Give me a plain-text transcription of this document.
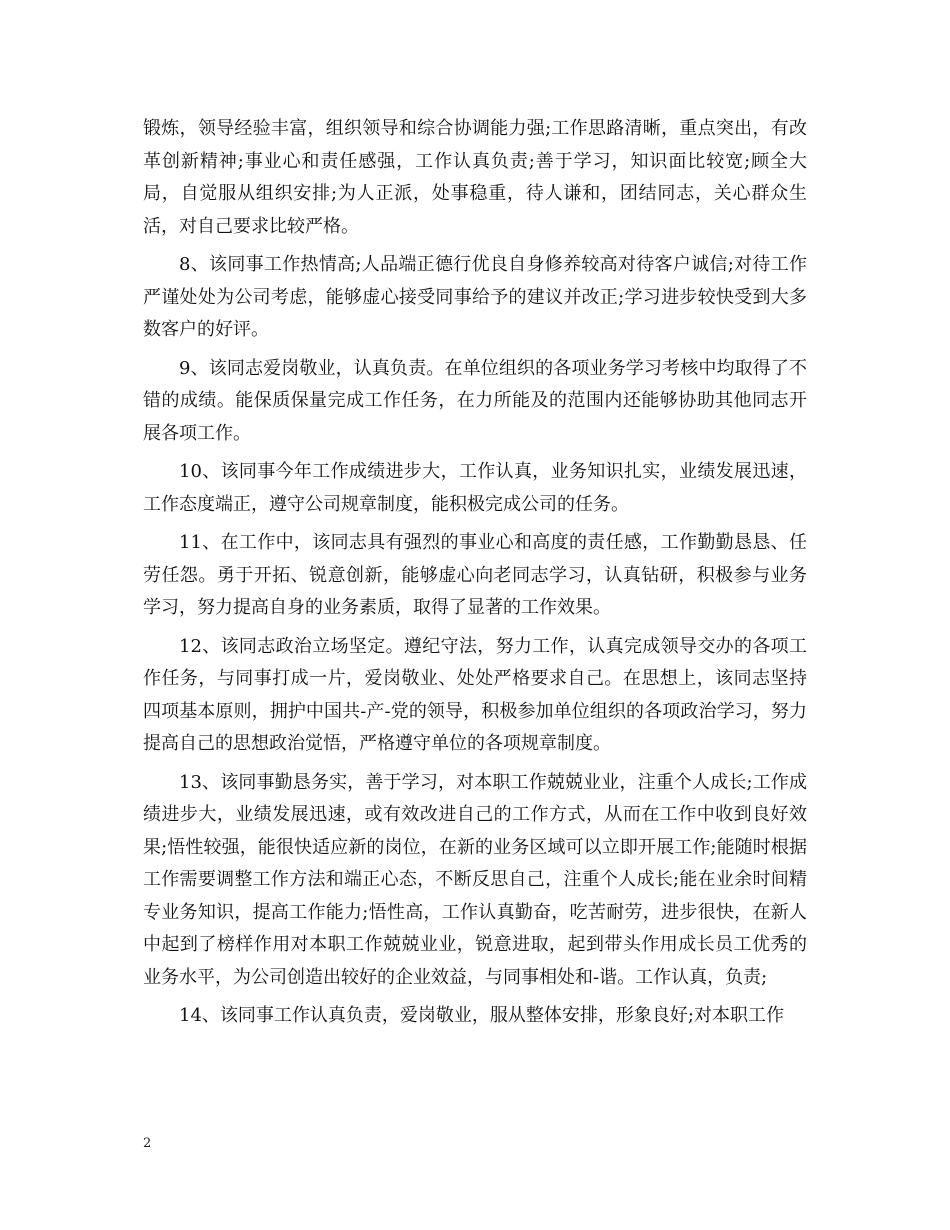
锻炼，领导经验丰富，组织领导和综合协调能力强;工作思路清晰，重点突出，有改革创新精神;事业心和责任感强，工作认真负责;善于学习，知识面比较宽;顾全大局，自觉服从组织安排;为人正派，处事稳重，待人谦和，团结同志，关心群众生活，对自己要求比较严格。

8、该同事工作热情高;人品端正德行优良自身修养较高对待客户诚信;对待工作严谨处处为公司考虑，能够虚心接受同事给予的建议并改正;学习进步较快受到大多数客户的好评。

9、该同志爱岗敬业，认真负责。在单位组织的各项业务学习考核中均取得了不错的成绩。能保质保量完成工作任务，在力所能及的范围内还能够协助其他同志开展各项工作。

10、该同事今年工作成绩进步大，工作认真，业务知识扎实，业绩发展迅速，工作态度端正，遵守公司规章制度，能积极完成公司的任务。

11、在工作中，该同志具有强烈的事业心和高度的责任感，工作勤勤恳恳、任劳任怨。勇于开拓、锐意创新，能够虚心向老同志学习，认真钻研，积极参与业务学习，努力提高自身的业务素质，取得了显著的工作效果。

12、该同志政治立场坚定。遵纪守法，努力工作，认真完成领导交办的各项工作任务，与同事打成一片，爱岗敬业、处处严格要求自己。在思想上，该同志坚持四项基本原则，拥护中国共-产-党的领导，积极参加单位组织的各项政治学习，努力提高自己的思想政治觉悟，严格遵守单位的各项规章制度。

13、该同事勤恳务实，善于学习，对本职工作兢兢业业，注重个人成长;工作成绩进步大，业绩发展迅速，或有效改进自己的工作方式，从而在工作中收到良好效果;悟性较强，能很快适应新的岗位，在新的业务区域可以立即开展工作;能随时根据工作需要调整工作方法和端正心态，不断反思自己，注重个人成长;能在业余时间精专业务知识，提高工作能力;悟性高，工作认真勤奋，吃苦耐劳，进步很快，在新人中起到了榜样作用对本职工作兢兢业业，锐意进取，起到带头作用成长员工优秀的业务水平，为公司创造出较好的企业效益，与同事相处和-谐。工作认真，负责;

14、该同事工作认真负责，爱岗敬业，服从整体安排，形象良好;对本职工作

2
